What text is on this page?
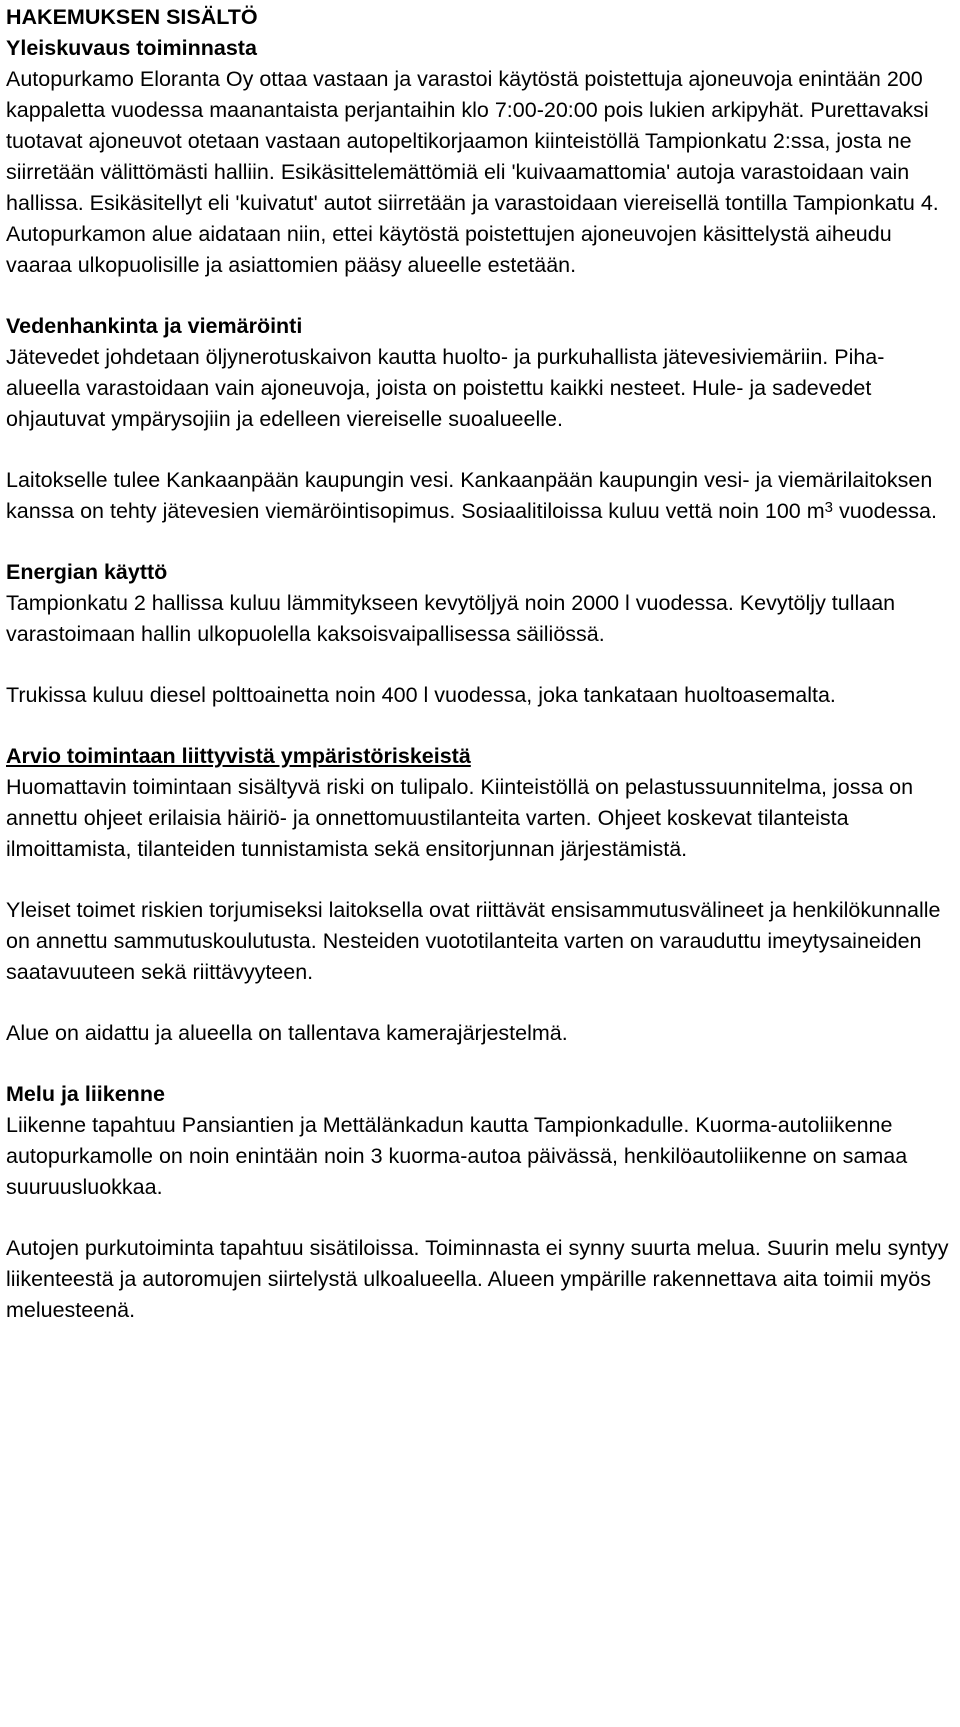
HAKEMUKSEN SISÄLTÖ
Yleiskuvaus toiminnasta

Autopurkamo Eloranta Oy ottaa vastaan ja varastoi käytöstä poistettuja ajoneuvoja enintään 200 kappaletta vuodessa maanantaista perjantaihin klo 7:00-20:00 pois lukien arkipyhät. Purettavaksi tuotavat ajoneuvot otetaan vastaan autopeltikorjaamon kiinteistöllä Tampionkatu 2:ssa, josta ne siirretään välittömästi halliin. Esikäsittelemättömiä eli 'kuivaamattomia' autoja varastoidaan vain hallissa. Esikäsitellyt eli 'kuivatut' autot siirretään ja varastoidaan viereisellä tontilla Tampionkatu 4. Autopurkamon alue aidataan niin, ettei käytöstä poistettujen ajoneuvojen käsittelystä aiheudu vaaraa ulkopuolisille ja asiattomien pääsy alueelle estetään.

Vedenhankinta ja viemäröinti

Jätevedet johdetaan öljynerotuskaivon kautta huolto- ja purkuhallista jätevesiviemäriin. Piha-alueella varastoidaan vain ajoneuvoja, joista on poistettu kaikki nesteet. Hule- ja sadevedet ohjautuvat ympärysojiin ja edelleen viereiselle suoalueelle.

Laitokselle tulee Kankaanpään kaupungin vesi. Kankaanpään kaupungin vesi- ja viemärilaitoksen kanssa on tehty jätevesien viemäröintisopimus. Sosiaalitiloissa kuluu vettä noin 100 $m^3$ vuodessa.

Energian käyttö

Tampionkatu 2 hallissa kuluu lämmitykseen kevytöljyä noin 2000 l vuodessa. Kevytöljy tullaan varastoimaan hallin ulkopuolella kaksoisvaipallisessa säiliössä.

Trukissa kuluu diesel polttoainetta noin 400 l vuodessa, joka tankataan huoltoasemalta.

Arvio toimintaan liittyvistä ympäristöriskeistä

Huomattavin toimintaan sisältyvä riski on tulipalo. Kiinteistöllä on pelastussuunnitelma, jossa on annettu ohjeet erilaisia häiriö- ja onnettomuustilanteita varten. Ohjeet koskevat tilanteista ilmoittamista, tilanteiden tunnistamista sekä ensitorjunnan järjestämistä.

Yleiset toimet riskien torjumiseksi laitoksella ovat riittävät ensisammutusvälineet ja henkilökunnalle on annettu sammutuskoulutusta. Nesteiden vuototilanteita varten on varauduttu imeytysaineiden saatavuuteen sekä riittävyyteen.

Alue on aidattu ja alueella on tallentava kamerajärjestelmä.

Melu ja liikenne

Liikenne tapahtuu Pansiantien ja Mettälänkadun kautta Tampionkadulle. Kuorma-autoliikenne autopurkamolle on noin enintään noin 3 kuorma-autoa päivässä, henkilöautoliikenne on samaa suuruusluokkaa.

Autojen purkutoiminta tapahtuu sisätiloissa. Toiminnasta ei synny suurta melua. Suurin melu syntyy liikenteestä ja autoromujen siirtelystä ulkoalueella. Alueen ympärille rakennettava aita toimii myös meluesteenä.
